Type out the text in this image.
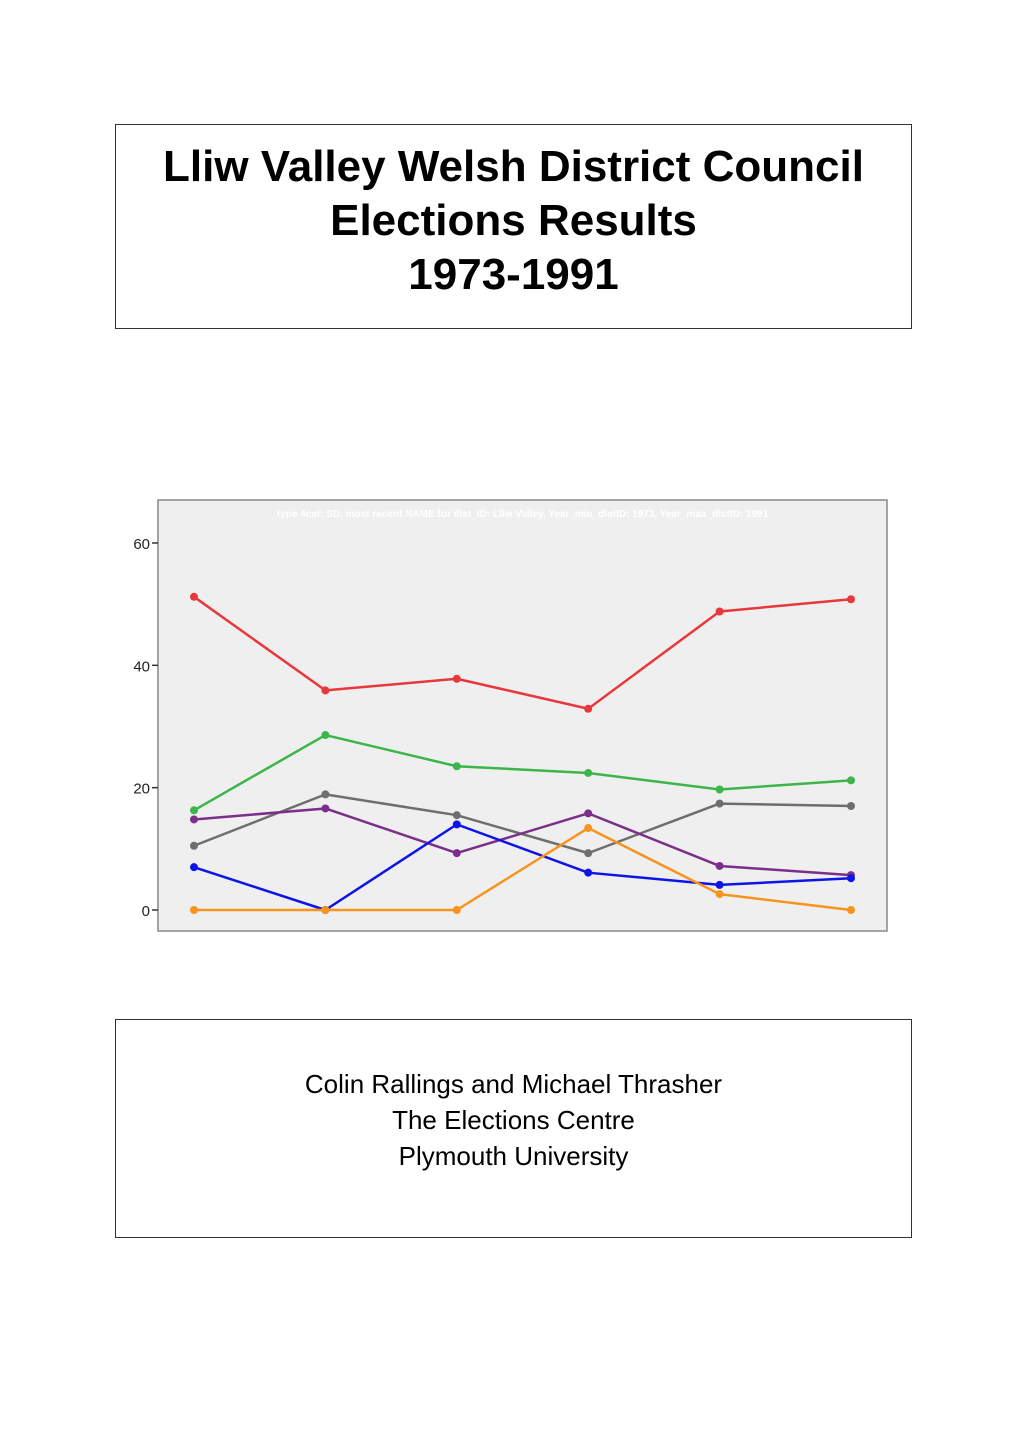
Lliw Valley Welsh District Council

Elections Results

1973-1991

type 4cat: SD, most recent NAME for dist_ID: Lliw Valley, Year_min_distID: 1973, Year_max_distID: 1991
0
20
40
60

Colin Rallings and Michael Thrasher

The Elections Centre

Plymouth University
